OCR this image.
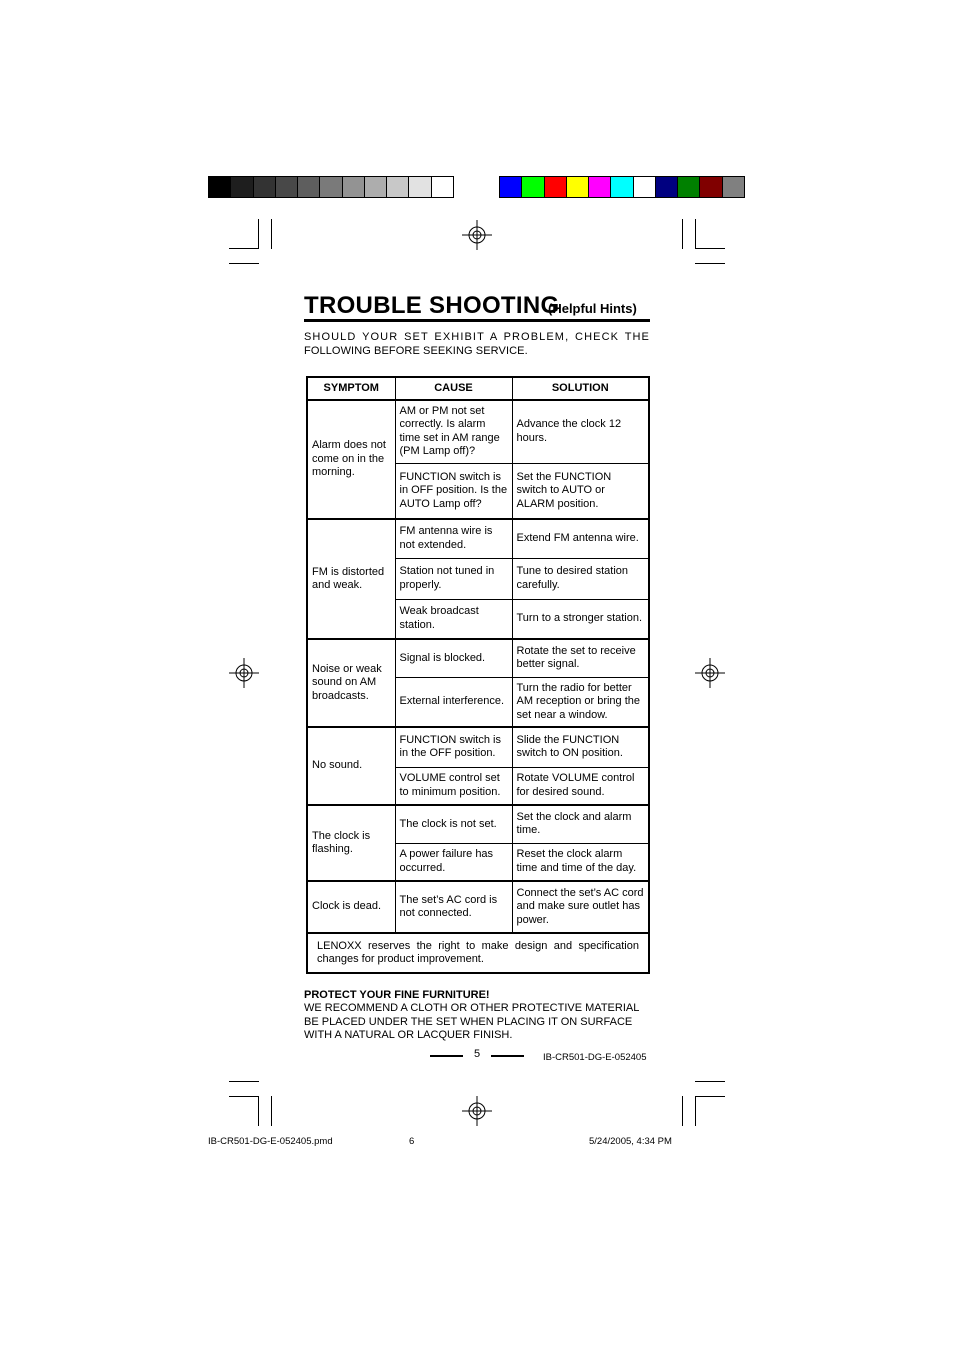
TROUBLE SHOOTING
(Helpful Hints)
SHOULD YOUR SET EXHIBIT A PROBLEM, CHECK THE
FOLLOWING BEFORE SEEKING SERVICE.
SYMPTOM	CAUSE	SOLUTION
Alarm does not come on in the morning.	AM or PM not set correctly. Is alarm time set in AM range (PM Lamp off)?	Advance the clock 12 hours.
	FUNCTION switch is in OFF position. Is the AUTO Lamp off?	Set the FUNCTION switch to AUTO or ALARM position.
FM is distorted and weak.	FM antenna wire is not extended.	Extend FM antenna wire.
	Station not tuned in properly.	Tune to desired station carefully.
	Weak broadcast station.	Turn to a stronger station.
Noise or weak sound on AM broadcasts.	Signal is blocked.	Rotate the set to receive better signal.
	External interference.	Turn the radio for better AM reception or bring the set near a window.
No sound.	FUNCTION switch is in the OFF position.	Slide the FUNCTION switch to ON position.
	VOLUME control set to minimum position.	Rotate VOLUME control for desired sound.
The clock is flashing.	The clock is not set.	Set the clock and alarm time.
	A power failure has occurred.	Reset the clock alarm time and time of the day.
Clock is dead.	The set’s AC cord is not connected.	Connect the set’s AC cord and make sure outlet has power.
LENOXX reserves the right to make design and specification changes for product improvement.		
PROTECT YOUR FINE FURNITURE!
WE RECOMMEND A CLOTH OR OTHER PROTECTIVE MATERIAL BE PLACED UNDER THE SET WHEN PLACING IT ON SURFACE WITH A NATURAL OR LACQUER FINISH.
5	IB-CR501-DG-E-052405
IB-CR501-DG-E-052405.pmd	6	5/24/2005, 4:34 PM
